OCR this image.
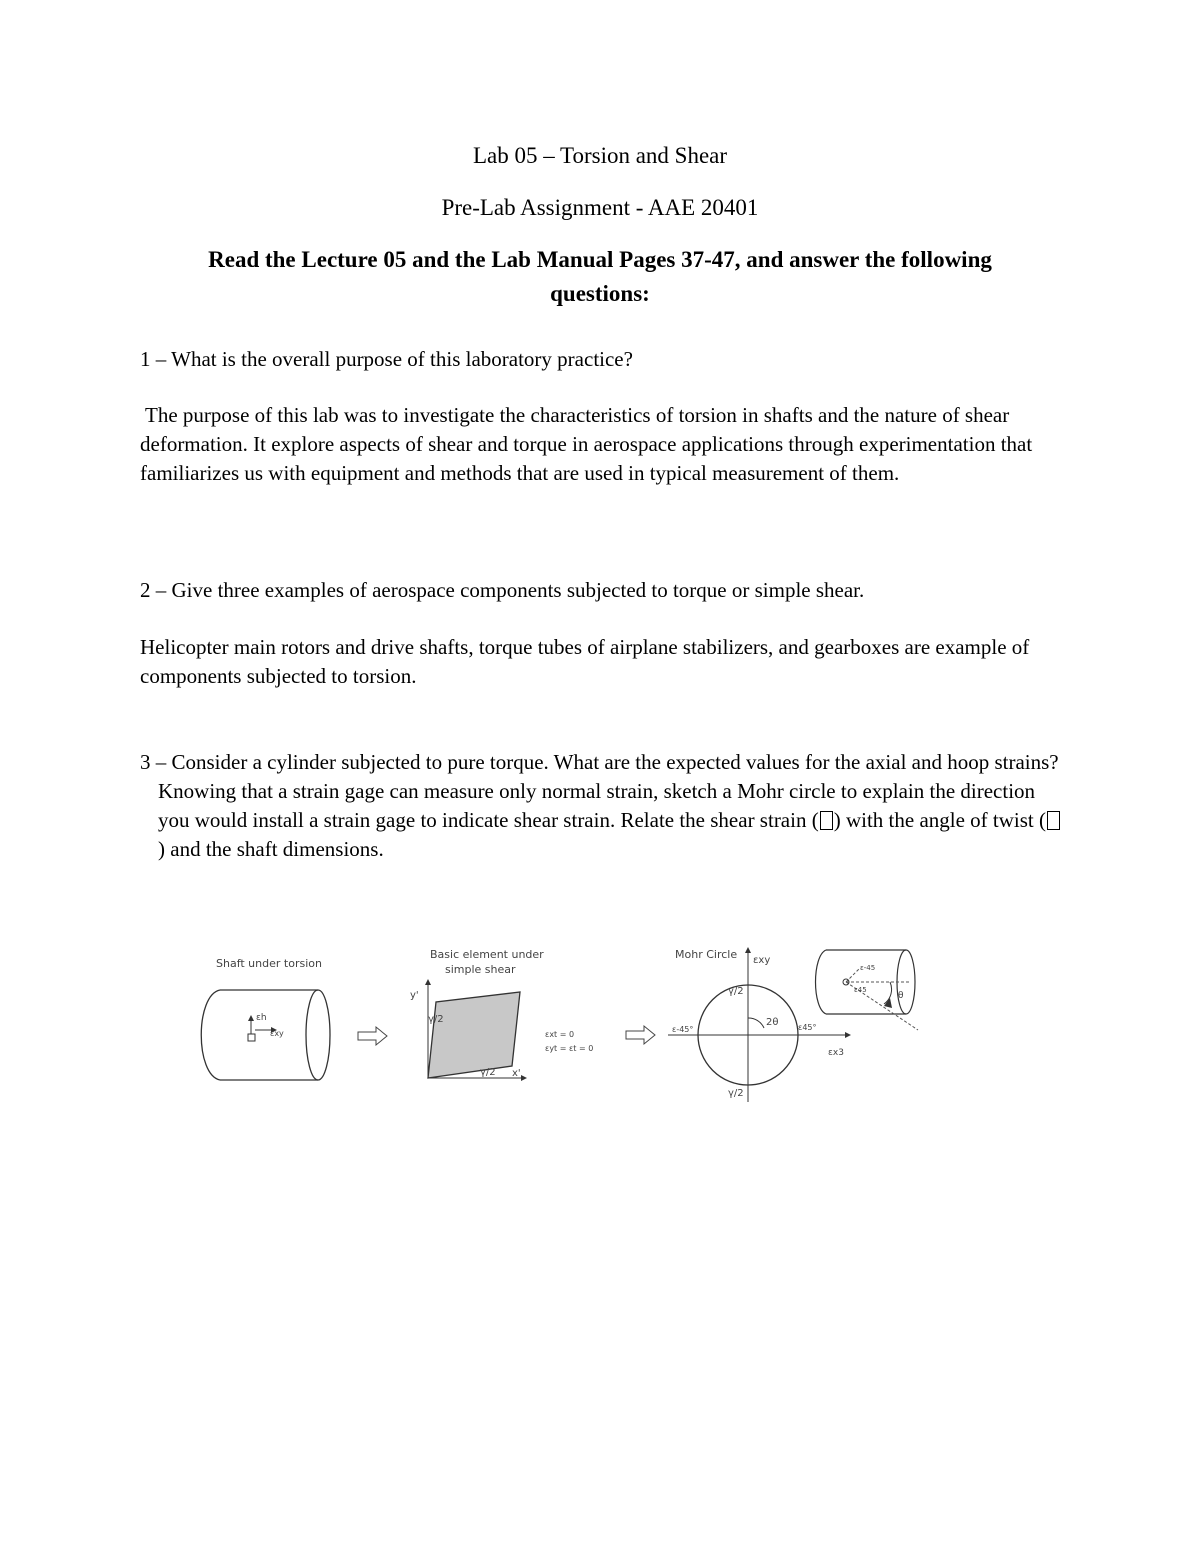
Lab 05 – Torsion and Shear
Pre-Lab Assignment - AAE 20401
Read the Lecture 05 and the Lab Manual Pages 37-47, and answer the following questions:
1 – What is the overall purpose of this laboratory practice?
The purpose of this lab was to investigate the characteristics of torsion in shafts and the nature of shear deformation. It explore aspects of shear and torque in aerospace applications through experimentation that familiarizes us with equipment and methods that are used in typical measurement of them.
2 – Give three examples of aerospace components subjected to torque or simple shear.
Helicopter main rotors and drive shafts, torque tubes of airplane stabilizers, and gearboxes are example of components subjected to torsion.
3 – Consider a cylinder subjected to pure torque. What are the expected values for the axial and hoop strains? Knowing that a strain gage can measure only normal strain, sketch a Mohr circle to explain the direction you would install a strain gage to indicate shear strain. Relate the shear strain ( ) with the angle of twist () and the shaft dimensions.
Shaft under torsion
εh
εxy
Basic element under
simple shear
y'
x'
γ/2
γ/2
εxt = 0
εyt = εt = 0
Mohr Circle εxy
εx3
γ/2
γ/2
2θ
ε-45°	ε45°
ε-45
ε45
θ
